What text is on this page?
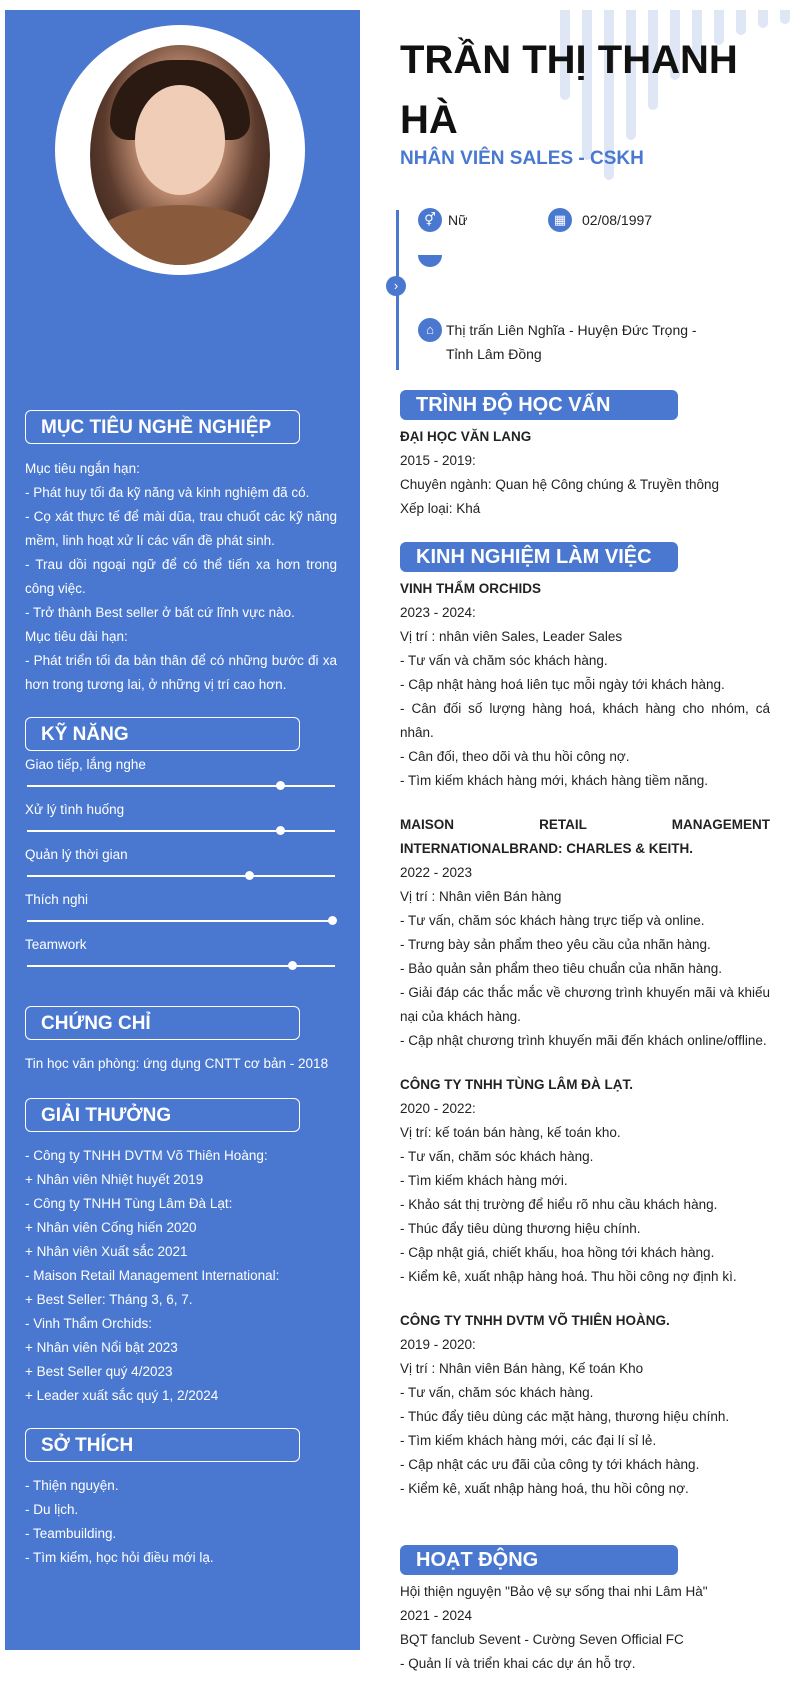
MỤC TIÊU NGHỀ NGHIỆP
Mục tiêu ngắn hạn:
- Phát huy tối đa kỹ năng và kinh nghiệm đã có.
- Cọ xát thực tế để mài dũa, trau chuốt các kỹ năng mềm, linh hoạt xử lí các vấn đề phát sinh.
- Trau dồi ngoại ngữ để có thể tiến xa hơn trong công việc.
- Trở thành Best seller ở bất cứ lĩnh vực nào.
Mục tiêu dài hạn:
- Phát triển tối đa bản thân để có những bước đi xa hơn trong tương lai, ở những vị trí cao hơn.
KỸ NĂNG
Giao tiếp, lắng nghe
Xử lý tình huống
Quản lý thời gian
Thích nghi
Teamwork
CHỨNG CHỈ
Tin học văn phòng: ứng dụng CNTT cơ bản - 2018
GIẢI THƯỞNG
- Công ty TNHH DVTM Võ Thiên Hoàng:
+ Nhân viên Nhiệt huyết 2019
- Công ty TNHH Tùng Lâm Đà Lạt:
+ Nhân viên Cống hiến 2020
+ Nhân viên Xuất sắc 2021
- Maison Retail Management International:
+ Best Seller: Tháng 3, 6, 7.
- Vinh Thẩm Orchids:
+ Nhân viên Nổi bật 2023
+ Best Seller quý 4/2023
+ Leader xuất sắc quý 1, 2/2024
SỞ THÍCH
- Thiện nguyện.
- Du lịch.
- Teambuilding.
- Tìm kiếm, học hỏi điều mới lạ.
TRẦN THỊ THANH HÀ
NHÂN VIÊN SALES - CSKH
⚥ Nữ	▦	02/08/1997
›
⌂ Thị trấn Liên Nghĩa - Huyện Đức Trọng - Tỉnh Lâm Đồng
TRÌNH ĐỘ HỌC VẤN
ĐẠI HỌC VĂN LANG
2015 - 2019:
Chuyên ngành: Quan hệ Công chúng & Truyền thông
Xếp loại: Khá
KINH NGHIỆM LÀM VIỆC
VINH THẨM ORCHIDS
2023 - 2024:
Vị trí : nhân viên Sales, Leader Sales
- Tư vấn và chăm sóc khách hàng.
- Cập nhật hàng hoá liên tục mỗi ngày tới khách hàng.
- Cân đối số lượng hàng hoá, khách hàng cho nhóm, cá nhân.
- Cân đối, theo dõi và thu hồi công nợ.
- Tìm kiếm khách hàng mới, khách hàng tiềm năng.
MAISON RETAIL MANAGEMENT INTERNATIONALBRAND: CHARLES & KEITH.
2022 - 2023
Vị trí : Nhân viên Bán hàng
- Tư vấn, chăm sóc khách hàng trực tiếp và online.
- Trưng bày sản phẩm theo yêu cầu của nhãn hàng.
- Bảo quản sản phẩm theo tiêu chuẩn của nhãn hàng.
- Giải đáp các thắc mắc về chương trình khuyến mãi và khiếu nại của khách hàng.
- Cập nhật chương trình khuyến mãi đến khách online/offline.
CÔNG TY TNHH TÙNG LÂM ĐÀ LẠT.
2020 - 2022:
Vị trí: kế toán bán hàng, kế toán kho.
- Tư vấn, chăm sóc khách hàng.
- Tìm kiếm khách hàng mới.
- Khảo sát thị trường để hiểu rõ nhu cầu khách hàng.
- Thúc đẩy tiêu dùng thương hiệu chính.
- Cập nhật giá, chiết khấu, hoa hồng tới khách hàng.
- Kiểm kê, xuất nhập hàng hoá. Thu hồi công nợ định kì.
CÔNG TY TNHH DVTM VÕ THIÊN HOÀNG.
2019 - 2020:
Vị trí : Nhân viên Bán hàng, Kế toán Kho
- Tư vấn, chăm sóc khách hàng.
- Thúc đẩy tiêu dùng các mặt hàng, thương hiệu chính.
- Tìm kiếm khách hàng mới, các đại lí sỉ lẻ.
- Cập nhật các ưu đãi của công ty tới khách hàng.
- Kiểm kê, xuất nhập hàng hoá, thu hồi công nợ.
HOẠT ĐỘNG
Hội thiện nguyện "Bảo vệ sự sống thai nhi Lâm Hà"
2021 - 2024
BQT fanclub Sevent - Cường Seven Official FC
- Quản lí và triển khai các dự án hỗ trợ.
